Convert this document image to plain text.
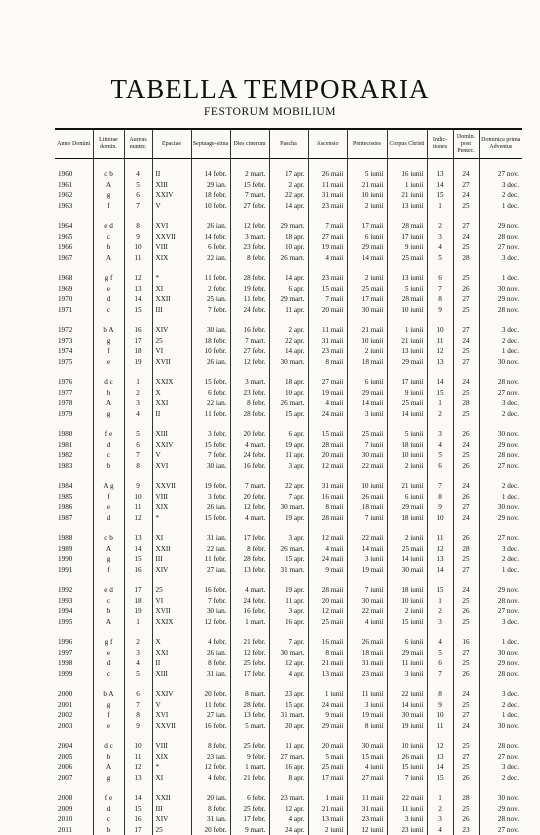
TABELLA TEMPORARIA
FESTORUM MOBILIUM
Anno Domini	Litterae domin.	Aureus numer.	Epactae	Septuage-sima	Dies cinerum	Pascha	Ascensio	Pentecostes	Corpus Christi	Indic-tiones	Domin. post Pentec.	Dominica prima Adventus
1960	c b	4	II	14 febr.	2 mart.	17 apr.	26 maii	5 iunii	16 iunii	13	24	27 nov.
1961	A	5	XIII	29 ian.	15 febr.	2 apr.	11 maii	21 maii	1 iunii	14	27	3 dec.
1962	g	6	XXIV	18 febr.	7 mart.	22 apr.	31 maii	10 iunii	21 iunii	15	24	2 dec.
1963	f	7	V	10 febr.	27 febr.	14 apr.	23 maii	2 iunii	13 iunii	1	25	1 dec.
1964	e d	8	XVI	26 ian.	12 febr.	29 mart.	7 maii	17 maii	28 maii	2	27	29 nov.
1965	c	9	XXVII	14 febr.	3 mart.	18 apr.	27 maii	6 iunii	17 iunii	3	24	28 nov.
1966	b	10	VIII	6 febr.	23 febr.	10 apr.	19 maii	29 maii	9 iunii	4	25	27 nov.
1967	A	11	XIX	22 ian.	8 febr.	26 mart.	4 maii	14 maii	25 maii	5	28	3 dec.
1968	g f	12	*	11 febr.	28 febr.	14 apr.	23 maii	2 iunii	13 iunii	6	25	1 dec.
1969	e	13	XI	2 febr.	19 febr.	6 apr.	15 maii	25 maii	5 iunii	7	26	30 nov.
1970	d	14	XXII	25 ian.	11 febr.	29 mart.	7 maii	17 maii	28 maii	8	27	29 nov.
1971	c	15	III	7 febr.	24 febr.	11 apr.	20 maii	30 maii	10 iunii	9	25	28 nov.
1972	b A	16	XIV	30 ian.	16 febr.	2 apr.	11 maii	21 maii	1 iunii	10	27	3 dec.
1973	g	17	25	18 febr.	7 mart.	22 apr.	31 maii	10 iunii	21 iunii	11	24	2 dec.
1974	f	18	VI	10 febr.	27 febr.	14 apr.	23 maii	2 iunii	13 iunii	12	25	1 dec.
1975	e	19	XVII	26 ian.	12 febr.	30 mart.	8 maii	18 maii	29 maii	13	27	30 nov.
1976	d c	1	XXIX	15 febr.	3 mart.	18 apr.	27 maii	6 iunii	17 iunii	14	24	28 nov.
1977	b	2	X	6 febr.	23 febr.	10 apr.	19 maii	29 maii	9 iunii	15	25	27 nov.
1978	A	3	XXI	22 ian.	8 febr.	26 mart.	4 maii	14 maii	25 maii	1	28	3 dec.
1979	g	4	II	11 febr.	28 febr.	15 apr.	24 maii	3 iunii	14 iunii	2	25	2 dec.
1980	f e	5	XIII	3 febr.	20 febr.	6 apr.	15 maii	25 maii	5 iunii	3	26	30 nov.
1981	d	6	XXIV	15 febr.	4 mart.	19 apr.	28 maii	7 iunii	18 iunii	4	24	29 nov.
1982	c	7	V	7 febr.	24 febr.	11 apr.	20 maii	30 maii	10 iunii	5	25	28 nov.
1983	b	8	XVI	30 ian.	16 febr.	3 apr.	12 maii	22 maii	2 iunii	6	26	27 nov.
1984	A g	9	XXVII	19 febr.	7 mart.	22 apr.	31 maii	10 iunii	21 iunii	7	24	2 dec.
1985	f	10	VIII	3 febr.	20 febr.	7 apr.	16 maii	26 maii	6 iunii	8	26	1 dec.
1986	e	11	XIX	26 ian.	12 febr.	30 mart.	8 maii	18 maii	29 maii	9	27	30 nov.
1987	d	12	*	15 febr.	4 mart.	19 apr.	28 maii	7 iunii	18 iunii	10	24	29 nov.
1988	c b	13	XI	31 ian.	17 febr.	3 apr.	12 maii	22 maii	2 iunii	11	26	27 nov.
1989	A	14	XXII	22 ian.	8 febr.	26 mart.	4 maii	14 maii	25 maii	12	28	3 dec.
1990	g	15	III	11 febr.	28 febr.	15 apr.	24 maii	3 iunii	14 iunii	13	25	2 dec.
1991	f	16	XIV	27 ian.	13 febr.	31 mart.	9 maii	19 maii	30 maii	14	27	1 dec.
1992	e d	17	25	16 febr.	4 mart.	19 apr.	28 maii	7 iunii	18 iunii	15	24	29 nov.
1993	c	18	VI	7 febr.	24 febr.	11 apr.	20 maii	30 maii	10 iunii	1	25	28 nov.
1994	b	19	XVII	30 ian.	16 febr.	3 apr.	12 maii	22 maii	2 iunii	2	26	27 nov.
1995	A	1	XXIX	12 febr.	1 mart.	16 apr.	25 maii	4 iunii	15 iunii	3	25	3 dec.
1996	g f	2	X	4 febr.	21 febr.	7 apr.	16 maii	26 maii	6 iunii	4	16	1 dec.
1997	e	3	XXI	26 ian.	12 febr.	30 mart.	8 maii	18 maii	29 maii	5	27	30 nov.
1998	d	4	II	8 febr.	25 febr.	12 apr.	21 maii	31 maii	11 iunii	6	25	29 nov.
1999	c	5	XIII	31 ian.	17 febr.	4 apr.	13 maii	23 maii	3 iunii	7	26	28 nov.
2000	b A	6	XXIV	20 febr.	8 mart.	23 apr.	1 iunii	11 iunii	22 iunii	8	24	3 dec.
2001	g	7	V	11 febr.	28 febr.	15 apr.	24 maii	3 iunii	14 iunii	9	25	2 dec.
2002	f	8	XVI	27 ian.	13 febr.	31 mart.	9 maii	19 maii	30 maii	10	27	1 dec.
2003	e	9	XXVII	16 febr.	5 mart.	20 apr.	29 maii	8 iunii	19 iunii	11	24	30 nov.
2004	d c	10	VIII	8 febr.	25 febr.	11 apr.	20 maii	30 maii	10 iunii	12	25	28 nov.
2005	b	11	XIX	23 ian.	9 febr.	27 mart.	5 maii	15 maii	26 maii	13	27	27 nov.
2006	A	12	*	12 febr.	1 mart.	16 apr.	25 maii	4 iunii	15 iunii	14	25	3 dec.
2007	g	13	XI	4 febr.	21 febr.	8 apr.	17 maii	27 maii	7 iunii	15	26	2 dec.
2008	f e	14	XXII	20 ian.	6 febr.	23 mart.	1 maii	11 maii	22 maii	1	28	30 nov.
2009	d	15	III	8 febr.	25 febr.	12 apr.	21 maii	31 maii	11 iunii	2	25	29 nov.
2010	c	16	XIV	31 ian.	17 febr.	4 apr.	13 maii	23 maii	3 iunii	3	26	28 nov.
2011	b	17	25	20 febr.	9 mart.	24 apr.	2 iunii	12 iunii	23 iunii	4	23	27 nov.
